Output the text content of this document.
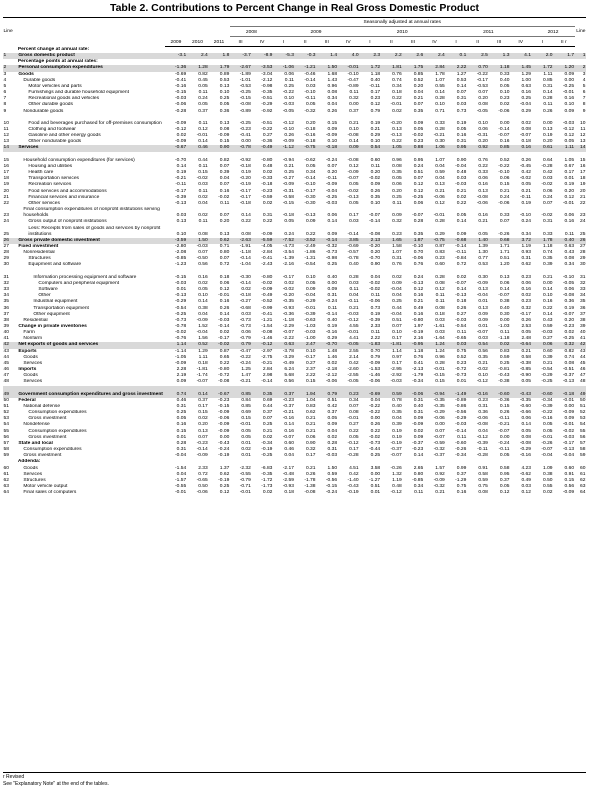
Table 2. Contributions to Percent Change in Real Gross Domestic Product
Line					Seasonally adjusted at annual rates																Line
		2009	2010	2011	2008		2009				2010				2011				2012		
					III	IV	I	II	III	IV	I	II	III	IV	I	II	III	IV	I	II r	
	Percent change at annual rate:																				
1	Gross domestic product	-3.1	2.4	1.8	-3.7	-8.9	-5.3	-0.3	1.4	4.0	2.3	2.2	2.6	2.4	0.1	2.5	1.3	4.1	2.0	1.7	1
	Percentage points at annual rates:																				
2	Personal consumption expenditures	-1.36	1.28	1.79	-2.67	-3.53	-1.06	-1.21	1.50	-0.01	1.72	1.81	1.75	2.84	2.22	0.70	1.18	1.45	1.72	1.20	2
3	Goods	-0.69	0.82	0.89	-1.89	-3.04	0.06	-0.46	1.68	-0.10	1.18	0.76	0.85	1.78	1.27	-0.22	0.33	1.29	1.11	0.09	3
4	Durable goods	-0.41	0.45	0.53	-1.01	-2.12	0.11	-0.14	1.43	-0.47	0.40	0.74	0.52	1.07	0.53	-0.17	0.40	1.00	0.85	0.00	4
5	Motor vehicles and parts	-0.16	0.05	0.13	-0.53	-0.98	0.25	0.03	0.96	-0.89	-0.11	0.34	0.20	0.55	0.14	-0.53	0.05	0.63	0.31	-0.25	5
6	Furnishings and durable household equipment	-0.15	0.11	0.10	-0.25	-0.35	-0.22	-0.10	0.08	0.11	0.17	0.18	0.04	0.14	0.07	0.07	0.10	0.16	0.14	-0.01	6
7	Recreational goods and vehicles	-0.03	0.24	0.25	-0.15	-0.51	0.10	-0.11	0.34	0.32	0.23	0.22	0.21	0.28	0.31	0.20	0.23	0.25	0.28	0.16	7
8	Other durable goods	-0.06	0.05	0.05	-0.08	-0.29	-0.03	0.05	0.04	0.00	0.12	-0.01	0.07	0.10	0.03	0.08	0.02	-0.04	0.11	0.10	8
9	Nondurable goods	-0.28	0.37	0.36	-0.89	-0.92	-0.05	-0.32	0.26	0.37	0.79	0.02	0.35	0.71	0.73	-0.05	-0.06	0.29	0.26	0.09	9
10	Food and beverages purchased for off-premises consumption	-0.09	0.11	0.13	-0.25	-0.51	-0.12	0.20	0.15	0.21	0.19	-0.20	0.09	0.33	0.19	0.10	0.00	0.02	0.00	-0.03	10
11	Clothing and footwear	-0.12	0.12	0.08	-0.23	-0.22	-0.10	-0.18	0.09	0.10	0.21	0.13	0.05	0.28	0.05	0.06	-0.14	0.08	0.13	-0.12	11
12	Gasoline and other energy goods	0.02	-0.01	-0.09	-0.41	0.27	0.26	-0.16	-0.09	-0.08	0.29	-0.13	-0.02	-0.21	0.16	-0.31	-0.07	-0.07	0.19	0.12	12
13	Other nondurable goods	-0.09	0.14	0.15	0.00	-0.36	-0.09	-0.18	0.10	0.14	0.10	0.22	0.23	0.30	0.31	0.20	0.16	0.18	0.20	0.05	13
14	Services	-0.67	0.46	0.90	-0.78	-0.49	-1.12	-0.75	-0.18	0.09	0.54	1.05	0.88	1.06	0.95	0.92	0.85	0.16	0.61	1.11	14
15	Household consumption expenditures (for services)	-0.70	0.44	0.82	-0.92	-0.80	-0.94	-0.62	-0.24	-0.08	0.60	0.96	0.95	1.07	0.90	0.76	0.52	0.26	0.64	1.05	15
16	Housing and utilities	0.14	0.11	0.07	-0.18	0.48	0.21	0.05	0.07	0.12	0.11	0.08	0.24	0.04	-0.04	0.22	-0.22	-0.45	-0.28	0.67	16
17	Health care	0.19	0.15	0.39	0.19	0.02	0.25	0.34	0.20	-0.09	0.20	0.35	0.51	0.59	0.48	0.33	-0.10	0.42	0.42	0.17	17
18	Transportation services	-0.21	-0.02	0.04	-0.20	-0.33	-0.27	-0.14	-0.11	-0.07	-0.02	0.05	0.07	0.04	0.03	0.06	0.06	-0.02	0.03	0.01	18
19	Recreation services	-0.11	0.03	0.07	-0.19	-0.18	-0.09	-0.10	-0.09	0.05	0.09	0.06	0.12	0.13	-0.03	0.16	0.15	0.05	-0.02	0.19	19
20	Food services and accommodations	-0.17	0.11	0.16	-0.17	-0.23	-0.31	-0.17	-0.04	-0.02	0.26	0.20	0.12	0.21	0.21	0.13	0.21	0.21	0.06	0.20	20
21	Financial services and insurance	-0.39	0.02	-0.02	-0.17	-0.59	-0.58	-0.30	-0.25	-0.13	0.35	0.25	-0.25	-0.06	0.02	-0.08	0.24	-0.11	0.24	0.12	21
22	Other services	-0.13	0.04	0.11	-0.18	0.02	-0.15	-0.30	-0.03	0.05	0.10	0.11	0.06	0.12	0.22	-0.06	-0.06	0.19	0.07	-0.01	22
23	Final consumption expenditures of nonprofit institutions serving households	0.03	0.02	0.07	0.14	0.31	-0.18	-0.13	0.06	0.17	-0.07	0.09	-0.07	-0.01	0.05	0.16	0.33	-0.10	-0.02	0.06	23
24	Gross output of nonprofit institutions	0.13	0.11	0.20	0.22	0.22	0.05	0.09	0.14	0.03	-0.14	0.32	0.28	0.28	0.14	0.21	0.07	0.24	0.31	0.16	24
25	Less: Receipts from sales of goods and services by nonprofit institutions	0.10	0.08	0.13	0.08	-0.09	0.24	0.22	0.09	-0.14	-0.08	0.23	0.35	0.29	0.09	0.05	-0.26	0.34	0.33	0.11	25
26	Gross private domestic investment	-3.59	1.50	0.62	-2.63	-5.59	-7.52	-3.52	-0.14	3.85	2.13	1.65	1.87	-0.75	-0.68	1.40	0.68	3.72	1.78	0.40	26
27	Fixed investment	-2.80	-0.03	0.71	-1.91	-4.05	-4.73	-2.49	-0.32	-0.69	-0.20	1.58	-0.10	0.87	-0.14	1.39	1.71	1.19	1.18	0.63	27
28	Nonresidential	-2.08	0.07	0.80	-1.18	-2.84	-3.54	-1.86	-0.73	-0.57	0.20	1.07	0.70	0.83	-0.11	1.30	1.71	0.93	0.74	0.43	28
29	Structures	-0.85	-0.50	0.07	-0.14	-0.41	-1.39	-1.31	-0.98	-0.78	-0.70	0.31	-0.06	0.23	-0.84	0.77	0.51	0.31	0.35	0.08	29
30	Equipment and software	-1.23	0.56	0.72	-1.04	-2.43	-2.16	-0.54	0.25	0.40	0.90	0.76	0.76	0.60	0.72	0.53	1.20	0.62	0.39	0.34	30
31	Information processing equipment and software	-0.15	0.16	0.18	-0.30	-0.80	-0.17	0.10	0.40	0.28	0.04	0.02	0.24	0.28	0.02	0.30	0.13	0.23	0.21	-0.10	31
32	Computers and peripheral equipment	-0.03	0.02	0.06	-0.14	-0.02	0.02	0.05	0.00	0.03	-0.02	0.09	-0.13	0.08	-0.07	-0.09	0.06	0.06	0.00	-0.05	32
33	Software	0.01	0.05	0.12	0.02	-0.09	-0.02	0.09	0.09	0.11	-0.02	-0.04	0.12	0.12	0.14	0.13	0.14	0.16	0.14	0.06	33
34	Other	-0.13	0.10	-0.01	-0.18	-0.49	-0.20	-0.04	0.31	0.04	0.11	0.04	0.16	0.11	-0.13	-0.04	-0.07	0.02	0.10	-0.08	34
35	Industrial equipment	-0.29	0.14	0.16	-0.27	-0.52	-0.35	-0.29	-0.24	-0.11	-0.06	0.25	0.21	0.11	0.18	0.01	0.38	0.23	0.16	0.36	35
36	Transportation equipment	-0.54	0.38	0.26	-0.68	-0.99	-0.93	-0.01	0.11	0.21	0.73	0.44	0.49	0.08	0.26	0.13	0.40	0.32	0.22	0.19	36
37	Other equipment	-0.25	0.04	0.14	0.03	-0.41	-0.36	-0.39	-0.14	-0.03	0.19	-0.04	0.16	0.18	0.27	0.09	0.30	-0.17	0.14	-0.07	37
38	Residential	-0.73	-0.09	-0.03	-0.73	-1.21	-1.18	-0.63	0.40	-0.12	-0.39	0.51	-0.80	0.03	-0.03	0.09	0.00	0.26	0.43	0.20	38
39	Change in private inventories	-0.78	1.52	-0.14	-0.73	-1.54	-2.29	-1.03	0.19	4.55	2.33	0.07	1.97	-1.61	-0.54	0.01	-1.03	2.53	0.59	-0.23	39
40	Farm	-0.02	-0.04	0.02	0.06	-0.08	-0.07	-0.03	-0.16	-0.01	0.11	0.10	-0.19	0.03	0.11	-0.07	0.11	0.05	-0.03	0.02	40
41	Nonfarm	-0.76	1.56	-0.17	-0.79	-1.46	-2.22	-1.00	0.29	4.41	2.22	0.17	2.16	-1.64	-0.65	0.03	-1.18	2.48	0.27	-0.25	41
42	Net exports of goods and services	1.14	0.52	-0.02	0.79	-0.12	0.63	2.47	-0.70	-0.05	-1.83	-1.81	-0.95	1.24	0.03	0.54	0.02	-0.64	0.06	0.32	42
43	Exports	-1.14	1.29	0.87	-0.47	-2.97	-3.78	0.10	1.48	2.55	0.70	1.14	1.18	1.24	0.75	0.56	0.83	0.21	0.60	0.82	43
44	Goods	-1.05	1.11	0.65	-0.22	-2.75	-3.29	-0.17	1.46	2.14	0.79	0.97	0.76	0.96	0.52	0.35	0.59	0.58	0.39	0.74	44
45	Services	-0.09	0.18	0.22	-0.24	-0.21	-0.49	0.27	0.02	0.42	-0.09	0.17	0.41	0.28	0.23	0.21	0.25	-0.38	0.21	0.08	45
46	Imports	2.28	-1.81	-0.80	1.25	2.84	6.24	2.37	-2.18	-2.60	-1.53	-2.95	-2.13	-0.01	-0.72	-0.02	-0.81	-0.85	-0.54	-0.51	46
47	Goods	2.19	-1.74	-0.72	1.47	2.98	5.68	2.22	-2.12	-2.55	-1.46	-2.92	-1.79	-0.15	-0.73	0.10	-0.43	-0.90	-0.29	-0.37	47
48	Services	0.09	-0.07	-0.08	-0.21	-0.14	0.56	0.15	-0.06	-0.05	-0.06	-0.03	-0.34	0.15	0.01	-0.12	-0.38	0.05	-0.25	-0.13	48
49	Government consumption expenditures and gross investment	0.74	0.14	-0.67	0.85	0.35	0.37	1.94	0.79	0.23	-0.69	0.59	-0.06	-0.94	-1.49	-0.16	-0.60	-0.43	-0.60	-0.18	49
50	Federal	0.46	0.37	-0.23	0.84	0.69	-0.23	1.04	0.51	0.34	0.04	0.78	0.31	-0.35	-0.89	0.23	-0.36	-0.35	-0.34	-0.01	50
51	National defense	0.31	0.17	-0.15	0.85	0.44	-0.37	0.83	0.42	0.07	-0.22	0.40	0.40	-0.35	-0.86	0.31	0.15	-0.60	-0.39	0.00	51
52	Consumption expenditures	0.25	0.15	-0.09	0.69	0.37	-0.21	0.62	0.37	0.08	-0.22	0.35	0.31	-0.29	-0.56	0.36	0.26	-0.66	-0.22	-0.09	52
53	Gross investment	0.05	0.02	-0.06	0.15	0.07	-0.16	0.21	0.05	-0.01	0.00	0.04	0.09	-0.06	-0.29	-0.06	-0.11	0.06	-0.16	0.09	53
54	Nondefense	0.16	0.20	-0.09	-0.01	0.25	0.14	0.21	0.09	0.27	0.26	0.39	-0.09	0.00	-0.03	-0.08	-0.21	0.14	0.05	-0.01	54
55	Consumption expenditures	0.15	0.13	-0.09	0.05	0.21	0.16	0.21	0.04	0.22	0.22	0.19	0.02	0.07	-0.14	0.04	-0.07	0.05	0.05	-0.02	55
56	Gross investment	0.01	0.07	0.00	0.05	0.02	-0.07	0.06	0.02	0.05	-0.02	0.19	0.09	-0.07	0.11	-0.12	0.00	0.08	-0.01	-0.03	56
57	State and local	0.28	-0.23	-0.43	0.01	-0.34	0.60	0.90	0.28	-0.12	-0.73	-0.19	-0.37	-0.59	-0.60	-0.39	-0.24	-0.08	-0.26	-0.17	57
58	Consumption expenditures	0.31	-0.14	-0.24	0.02	-0.19	0.46	0.32	0.31	0.17	-0.44	-0.37	-0.23	-0.32	-0.26	-0.11	-0.11	-0.29	-0.07	-0.13	58
59	Gross investment	-0.04	-0.09	-0.19	0.01	-0.25	0.04	0.17	-0.03	-0.28	0.25	-0.07	0.14	-0.37	-0.34	-0.28	0.05	-0.16	-0.04	-0.04	59
	Addenda:																				
60	Goods	-1.54	2.33	1.37	-2.32	-6.83	-2.17	0.21	1.50	4.51	3.58	-0.26	2.65	1.57	0.99	0.91	0.58	4.23	1.09	0.60	60
61	Services	0.04	0.72	0.62	-0.55	-0.35	-0.48	0.26	0.59	0.42	0.00	1.32	0.80	0.92	0.37	0.58	0.95	-0.62	0.38	0.91	61
62	Structures	-1.57	-0.65	-0.19	-0.79	-1.72	-2.59	-1.78	-0.56	-1.40	-1.27	1.19	-0.85	-0.09	-1.29	0.59	0.37	0.49	0.50	0.15	62
63	Motor vehicle output	-0.55	0.50	0.25	-0.71	-1.73	-0.93	-1.38	-0.15	-0.43	0.51	0.48	0.34	-0.32	0.75	0.75	0.05	0.03	0.55	0.56	63
64	Final sales of computers	-0.01	-0.06	0.12	-0.01	0.02	0.18	-0.08	-0.24	-0.19	0.01	-0.12	0.11	0.21	0.16	0.08	0.12	0.12	0.02	-0.09	64
r Revised
See "Explanatory Note" at the end of the tables.
